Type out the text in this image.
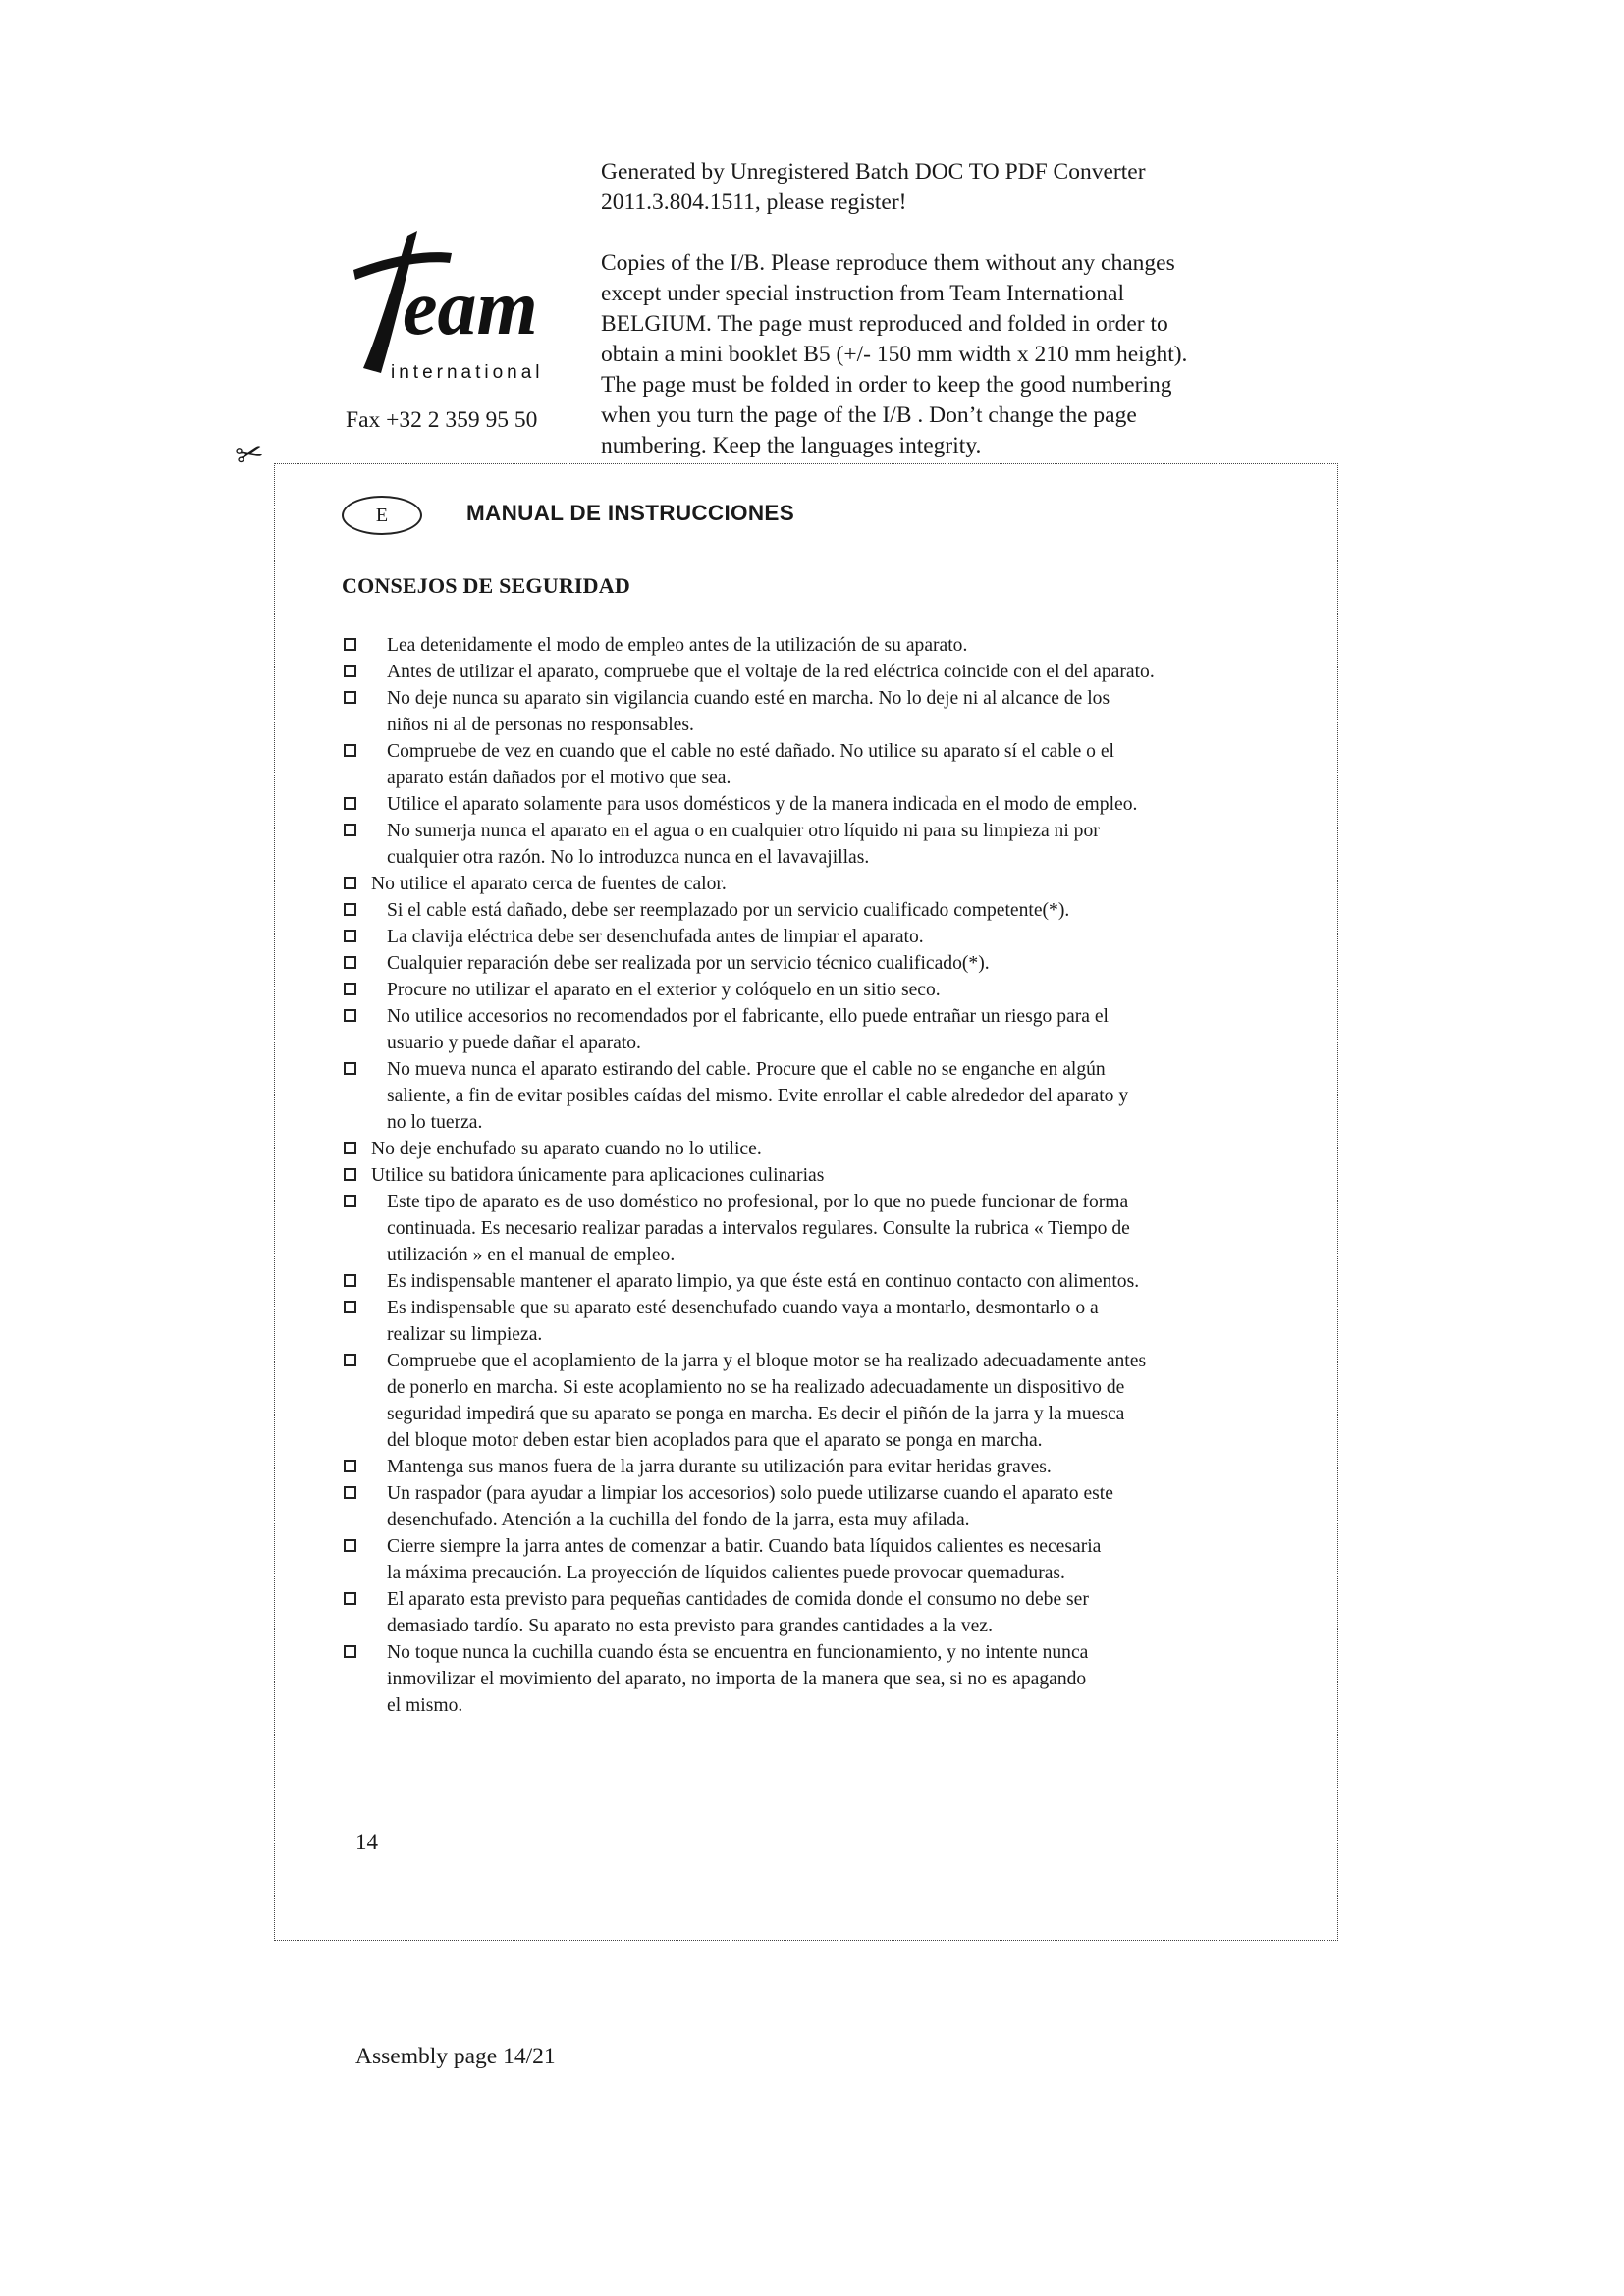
Generated by Unregistered Batch DOC TO PDF Converter

2011.3.804.1511, please register!

Copies of the I/B. Please reproduce them without any changes

except under special instruction from Team International

BELGIUM. The page must reproduced and folded in order to

obtain a mini booklet B5 (+/- 150 mm width x 210 mm height).

The page must be folded in order to keep the good numbering

when you turn the page of the I/B . Don’t change the page

numbering. Keep the languages integrity.

eam
international
Fax +32 2 359 95 50
✂
E	MANUAL DE INSTRUCCIONES
CONSEJOS DE SEGURIDAD
Lea detenidamente el modo de empleo antes de la utilización de su aparato.
Antes de utilizar el aparato, compruebe que el voltaje de la red eléctrica coincide con el del aparato.
No deje nunca su aparato sin vigilancia cuando esté en marcha. No lo deje ni al alcance de los
niños ni al de personas no responsables.
Compruebe de vez en cuando que el cable no esté dañado. No utilice su aparato sí el cable o el
aparato están dañados por el motivo que sea.
Utilice el aparato solamente para usos domésticos y de la manera indicada en el modo de empleo.
No sumerja nunca el aparato en el agua o en cualquier otro líquido ni para su limpieza ni por
cualquier otra razón. No lo introduzca nunca en el lavavajillas.
No utilice el aparato cerca de fuentes de calor.
Si el cable está dañado, debe ser reemplazado por un servicio cualificado competente(*).
La clavija eléctrica debe ser desenchufada antes de limpiar el aparato.
Cualquier reparación debe ser realizada por un servicio técnico cualificado(*).
Procure no utilizar el aparato en el exterior y colóquelo en un sitio seco.
No utilice accesorios no recomendados por el fabricante, ello puede entrañar un riesgo para el
usuario y puede dañar el aparato.
No mueva nunca el aparato estirando del cable. Procure que el cable no se enganche en algún
saliente, a fin de evitar posibles caídas del mismo. Evite enrollar el cable alrededor del aparato y
no lo tuerza.
No deje enchufado su aparato cuando no lo utilice.
Utilice su batidora únicamente para aplicaciones culinarias
Este tipo de aparato es de uso doméstico no profesional, por lo que no puede funcionar de forma
continuada. Es necesario realizar paradas a intervalos regulares. Consulte la rubrica « Tiempo de
utilización » en el manual de empleo.
Es indispensable mantener el aparato limpio, ya que éste está en continuo contacto con alimentos.
Es indispensable que su aparato esté desenchufado cuando vaya a montarlo, desmontarlo o a
realizar su limpieza.
Compruebe que el acoplamiento de la jarra y el bloque motor se ha realizado adecuadamente antes
de ponerlo en marcha. Si este acoplamiento no se ha realizado adecuadamente un dispositivo de
seguridad impedirá que su aparato se ponga en marcha. Es decir el piñón de la jarra y la muesca
del bloque motor deben estar bien acoplados para que el aparato se ponga en marcha.
Mantenga sus manos fuera de la jarra durante su utilización para evitar heridas graves.
Un raspador (para ayudar a limpiar los accesorios) solo puede utilizarse cuando el aparato este
desenchufado. Atención a la cuchilla del fondo de la jarra, esta muy afilada.
Cierre siempre la jarra antes de comenzar a batir. Cuando bata líquidos calientes es necesaria
la máxima precaución. La proyección de líquidos calientes puede provocar quemaduras.
El aparato esta previsto para pequeñas cantidades de comida donde el consumo no debe ser
demasiado tardío. Su aparato no esta previsto para grandes cantidades a la vez.
No toque nunca la cuchilla cuando ésta se encuentra en funcionamiento, y no intente nunca
inmovilizar el movimiento del aparato, no importa de la manera que sea, si no es apagando
el mismo.
14
Assembly page 14/21
